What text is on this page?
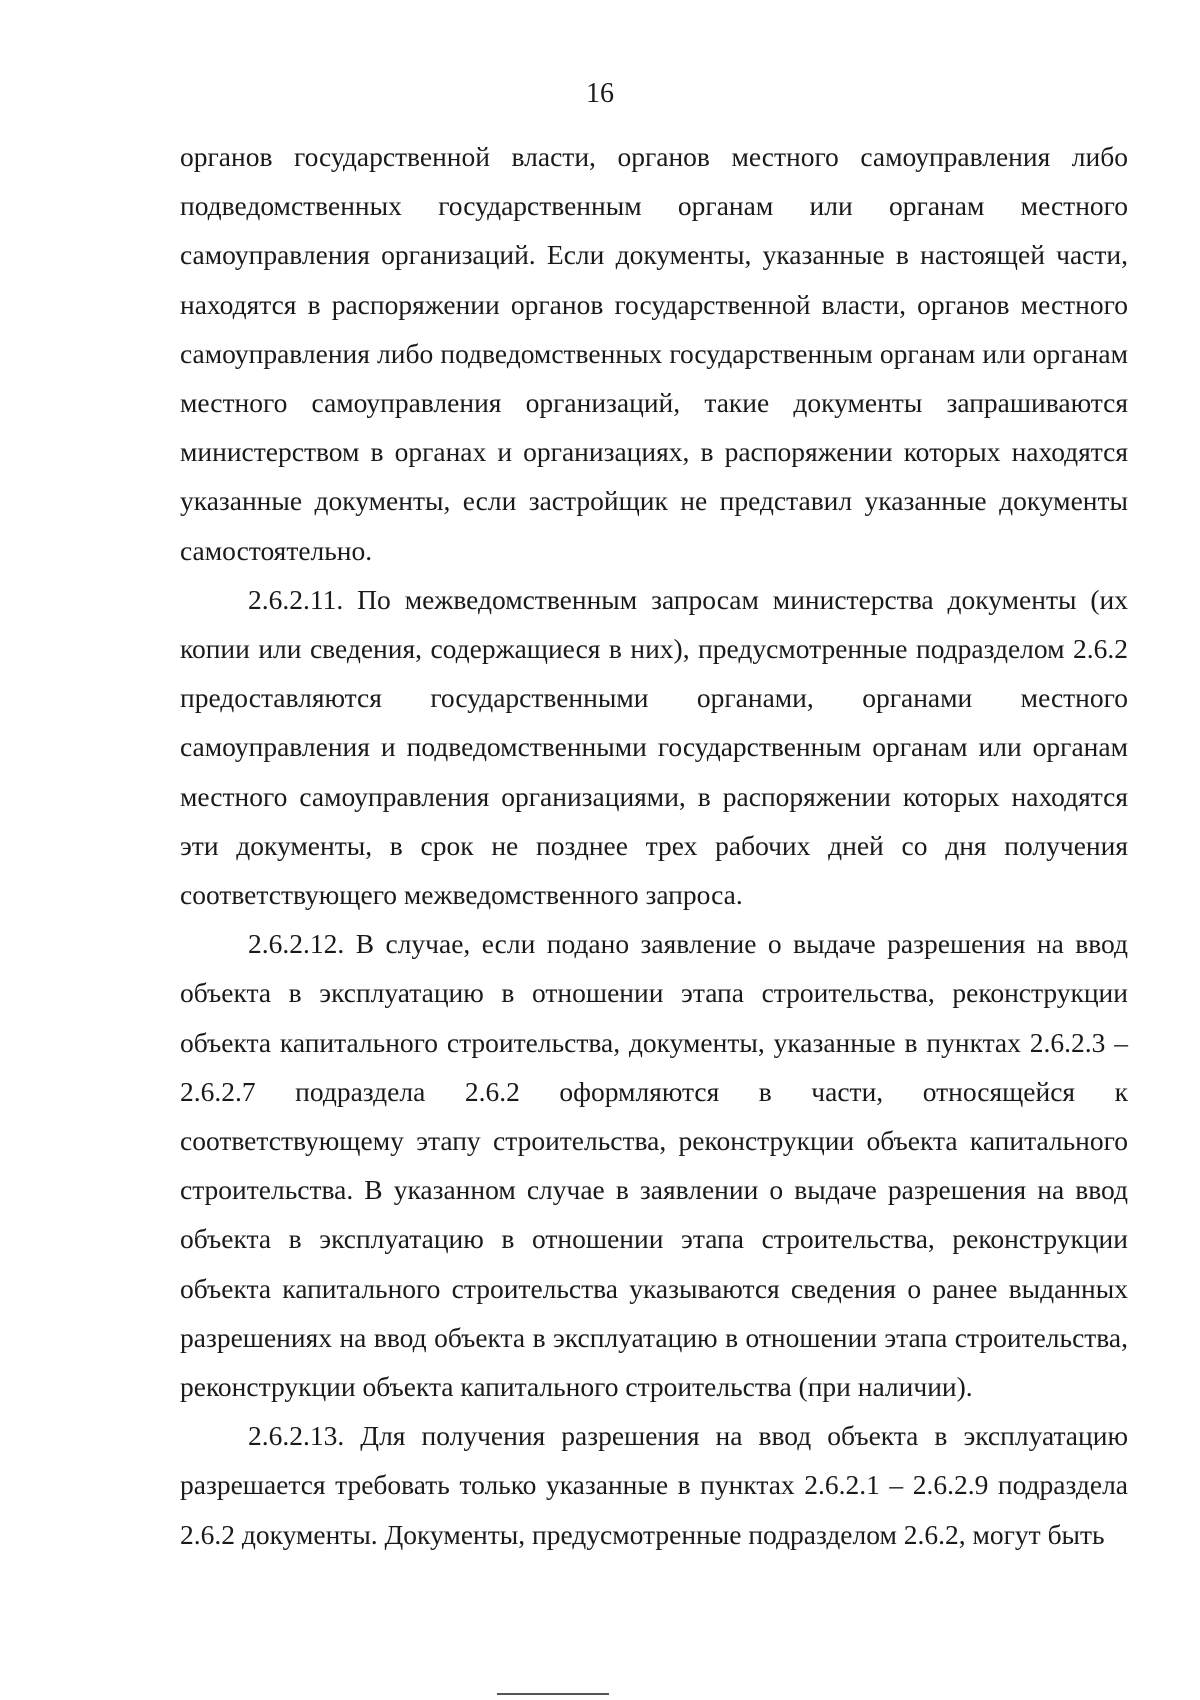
16

органов государственной власти, органов местного самоуправления либо подведомственных государственным органам или органам местного самоуправления организаций. Если документы, указанные в настоящей части, находятся в распоряжении органов государственной власти, органов местного самоуправления либо подведомственных государственным органам или органам местного самоуправления организаций, такие документы запрашиваются министерством в органах и организациях, в распоряжении которых находятся указанные документы, если застройщик не представил указанные документы самостоятельно.

2.6.2.11. По межведомственным запросам министерства документы (их копии или сведения, содержащиеся в них), предусмотренные подразделом 2.6.2 предоставляются государственными органами, органами местного самоуправления и подведомственными государственным органам или органам местного самоуправления организациями, в распоряжении которых находятся эти документы, в срок не позднее трех рабочих дней со дня получения соответствующего межведомственного запроса.

2.6.2.12. В случае, если подано заявление о выдаче разрешения на ввод объекта в эксплуатацию в отношении этапа строительства, реконструкции объекта капитального строительства, документы, указанные в пунктах 2.6.2.3 – 2.6.2.7 подраздела 2.6.2 оформляются в части, относящейся к соответствующему этапу строительства, реконструкции объекта капитального строительства. В указанном случае в заявлении о выдаче разрешения на ввод объекта в эксплуатацию в отношении этапа строительства, реконструкции объекта капитального строительства указываются сведения о ранее выданных разрешениях на ввод объекта в эксплуатацию в отношении этапа строительства, реконструкции объекта капитального строительства (при наличии).

2.6.2.13. Для получения разрешения на ввод объекта в эксплуатацию разрешается требовать только указанные в пунктах 2.6.2.1 – 2.6.2.9 подраздела 2.6.2 документы. Документы, предусмотренные подразделом 2.6.2, могут быть
